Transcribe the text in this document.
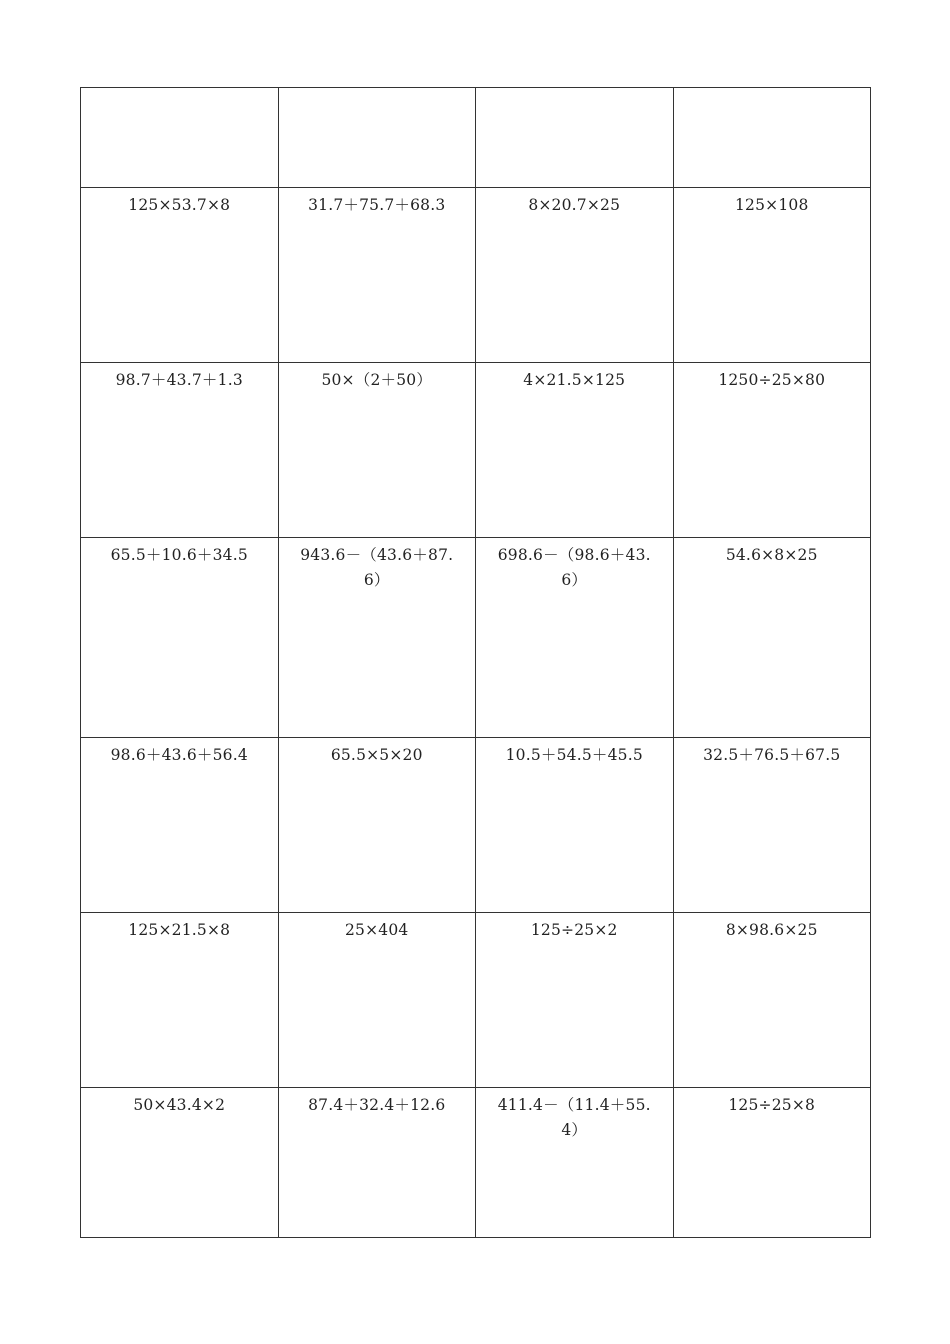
125×53.7×8	31.7＋75.7＋68.3	8×20.7×25	125×108

98.7＋43.7＋1.3	50×（2＋50）	4×21.5×125	1250÷25×80

65.5＋10.6＋34.5	943.6－（43.6＋87.6）	698.6－（98.6＋43.6）	54.6×8×25

98.6＋43.6＋56.4	65.5×5×20	10.5＋54.5＋45.5	32.5＋76.5＋67.5

125×21.5×8	25×404	125÷25×2	8×98.6×25

50×43.4×2	87.4＋32.4＋12.6	411.4－（11.4＋55.4）	125÷25×8
